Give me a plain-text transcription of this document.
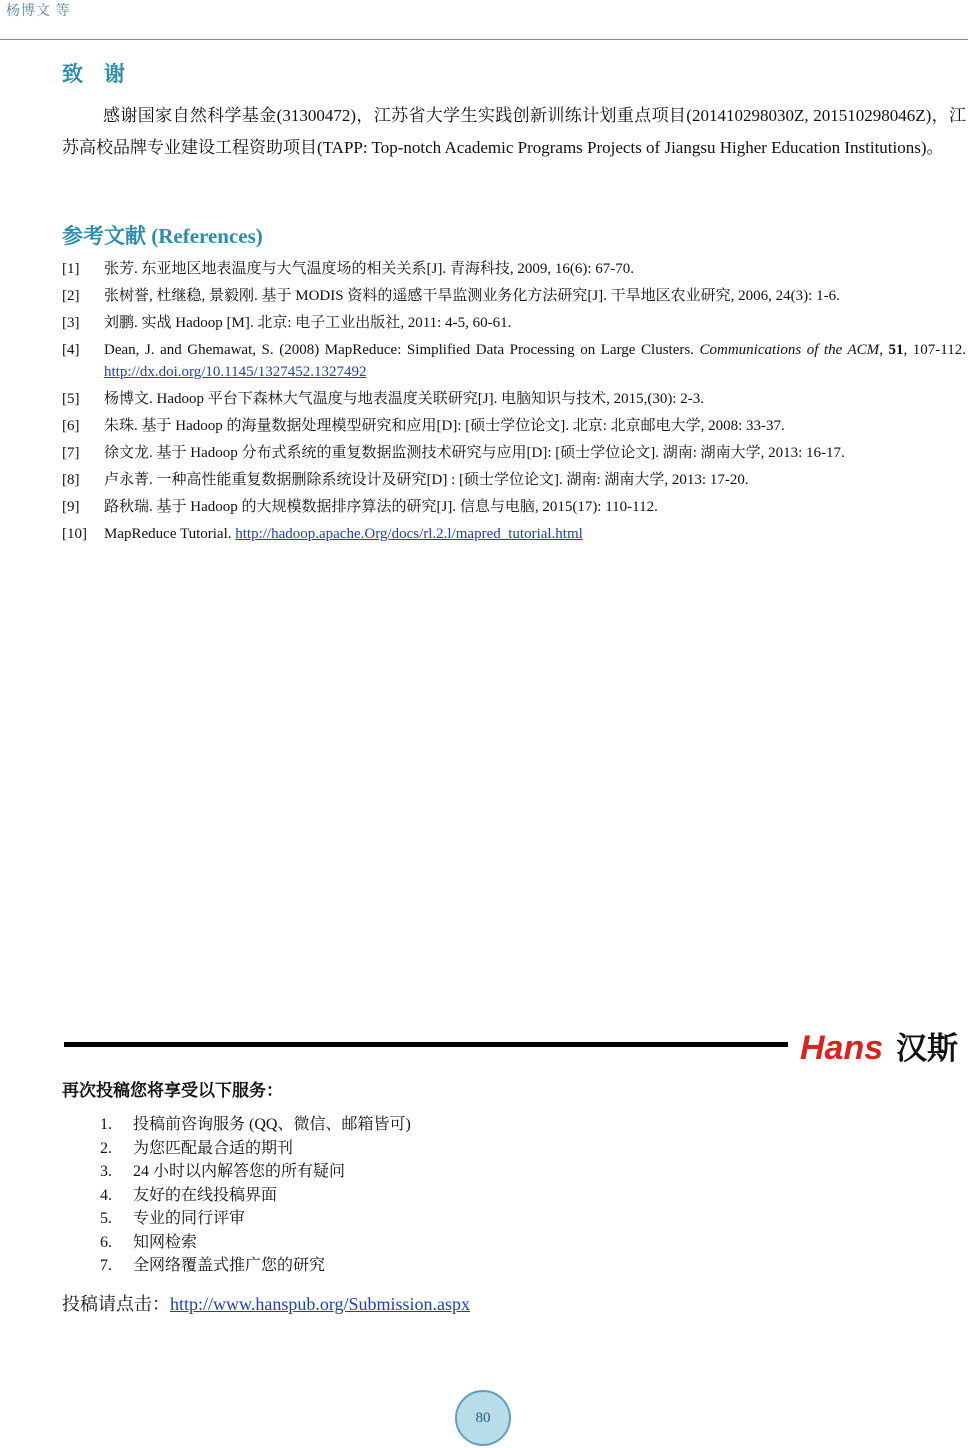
杨博文 等
致　谢

感谢国家自然科学基金(31300472)，江苏省大学生实践创新训练计划重点项目(201410298030Z, 201510298046Z)，江苏高校品牌专业建设工程资助项目(TAPP: Top-notch Academic Programs Projects of Jiangsu Higher Education Institutions)。

参考文献 (References)
[1] 张芳. 东亚地区地表温度与大气温度场的相关关系[J]. 青海科技, 2009, 16(6): 67-70.
[2] 张树誉, 杜继稳, 景毅刚. 基于 MODIS 资料的遥感干旱监测业务化方法研究[J]. 干旱地区农业研究, 2006, 24(3): 1-6.
[3] 刘鹏. 实战 Hadoop [M]. 北京: 电子工业出版社, 2011: 4-5, 60-61.
[4] Dean, J. and Ghemawat, S. (2008) MapReduce: Simplified Data Processing on Large Clusters. Communications of the ACM, 51, 107-112. http://dx.doi.org/10.1145/1327452.1327492
[5] 杨博文. Hadoop 平台下森林大气温度与地表温度关联研究[J]. 电脑知识与技术, 2015,(30): 2-3.
[6] 朱珠. 基于 Hadoop 的海量数据处理模型研究和应用[D]: [硕士学位论文]. 北京: 北京邮电大学, 2008: 33-37.
[7] 徐文龙. 基于 Hadoop 分布式系统的重复数据监测技术研究与应用[D]: [硕士学位论文]. 湖南: 湖南大学, 2013: 16-17.
[8] 卢永菁. 一种高性能重复数据删除系统设计及研究[D] : [硕士学位论文]. 湖南: 湖南大学, 2013: 17-20.
[9] 路秋瑞. 基于 Hadoop 的大规模数据排序算法的研究[J]. 信息与电脑, 2015(17): 110-112.
[10] MapReduce Tutorial. http://hadoop.apache.Org/docs/rl.2.l/mapred_tutorial.html
Hans 汉斯

再次投稿您将享受以下服务：

1. 投稿前咨询服务 (QQ、微信、邮箱皆可)
2. 为您匹配最合适的期刊
3. 24 小时以内解答您的所有疑问
4. 友好的在线投稿界面
5. 专业的同行评审
6. 知网检索
7. 全网络覆盖式推广您的研究
投稿请点击：http://www.hanspub.org/Submission.aspx
80
